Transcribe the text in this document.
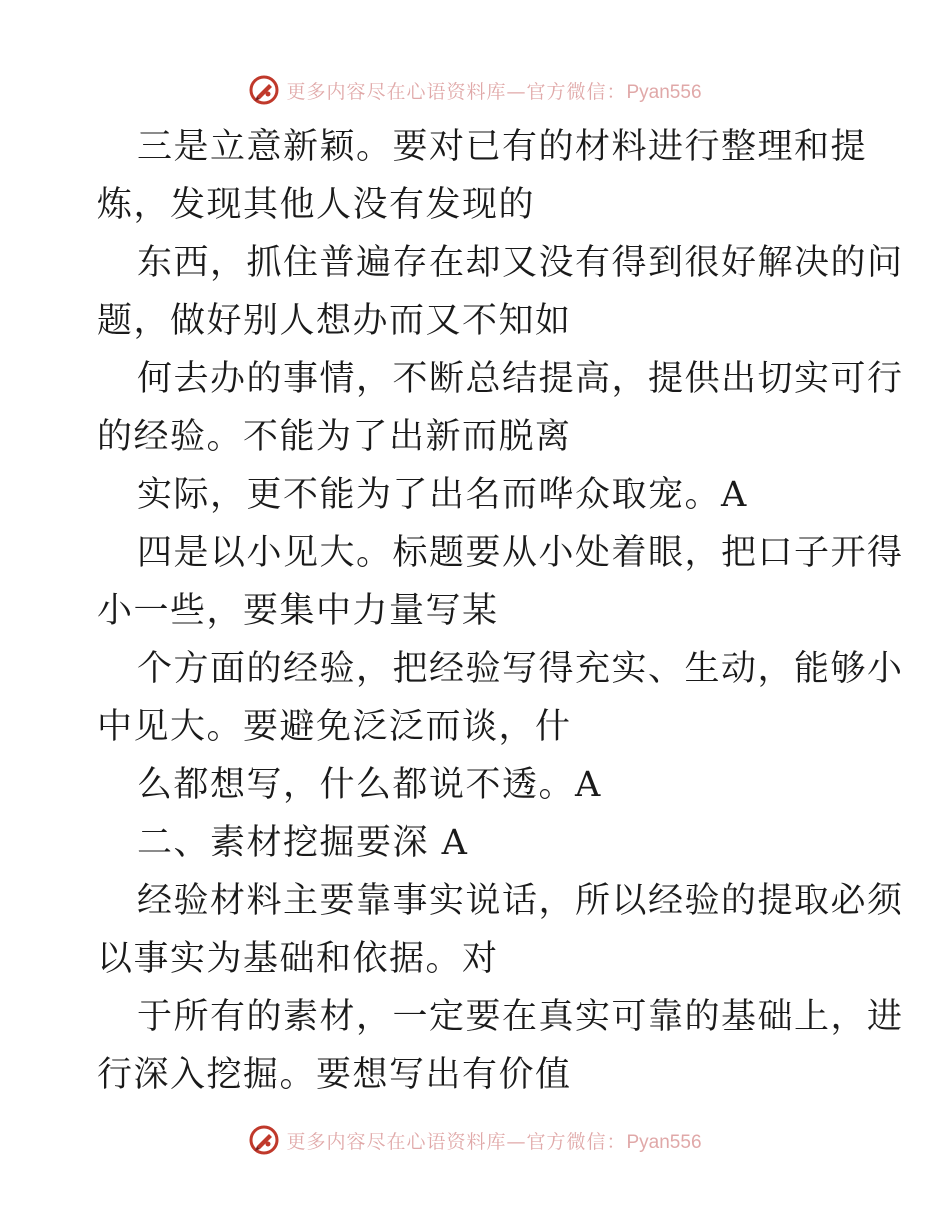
更多内容尽在心语资料库—官方微信：Pyan556
三是立意新颖。要对已有的材料进行整理和提
炼，发现其他人没有发现的
东西，抓住普遍存在却又没有得到很好解决的问
题，做好别人想办而又不知如
何去办的事情，不断总结提高，提供出切实可行
的经验。不能为了出新而脱离
实际，更不能为了出名而哗众取宠。A
四是以小见大。标题要从小处着眼，把口子开得
小一些，要集中力量写某
个方面的经验，把经验写得充实、生动，能够小
中见大。要避免泛泛而谈，什
么都想写，什么都说不透。A
二、素材挖掘要深 A
经验材料主要靠事实说话，所以经验的提取必须
以事实为基础和依据。对
于所有的素材，一定要在真实可靠的基础上，进
行深入挖掘。要想写出有价值
更多内容尽在心语资料库—官方微信：Pyan556
